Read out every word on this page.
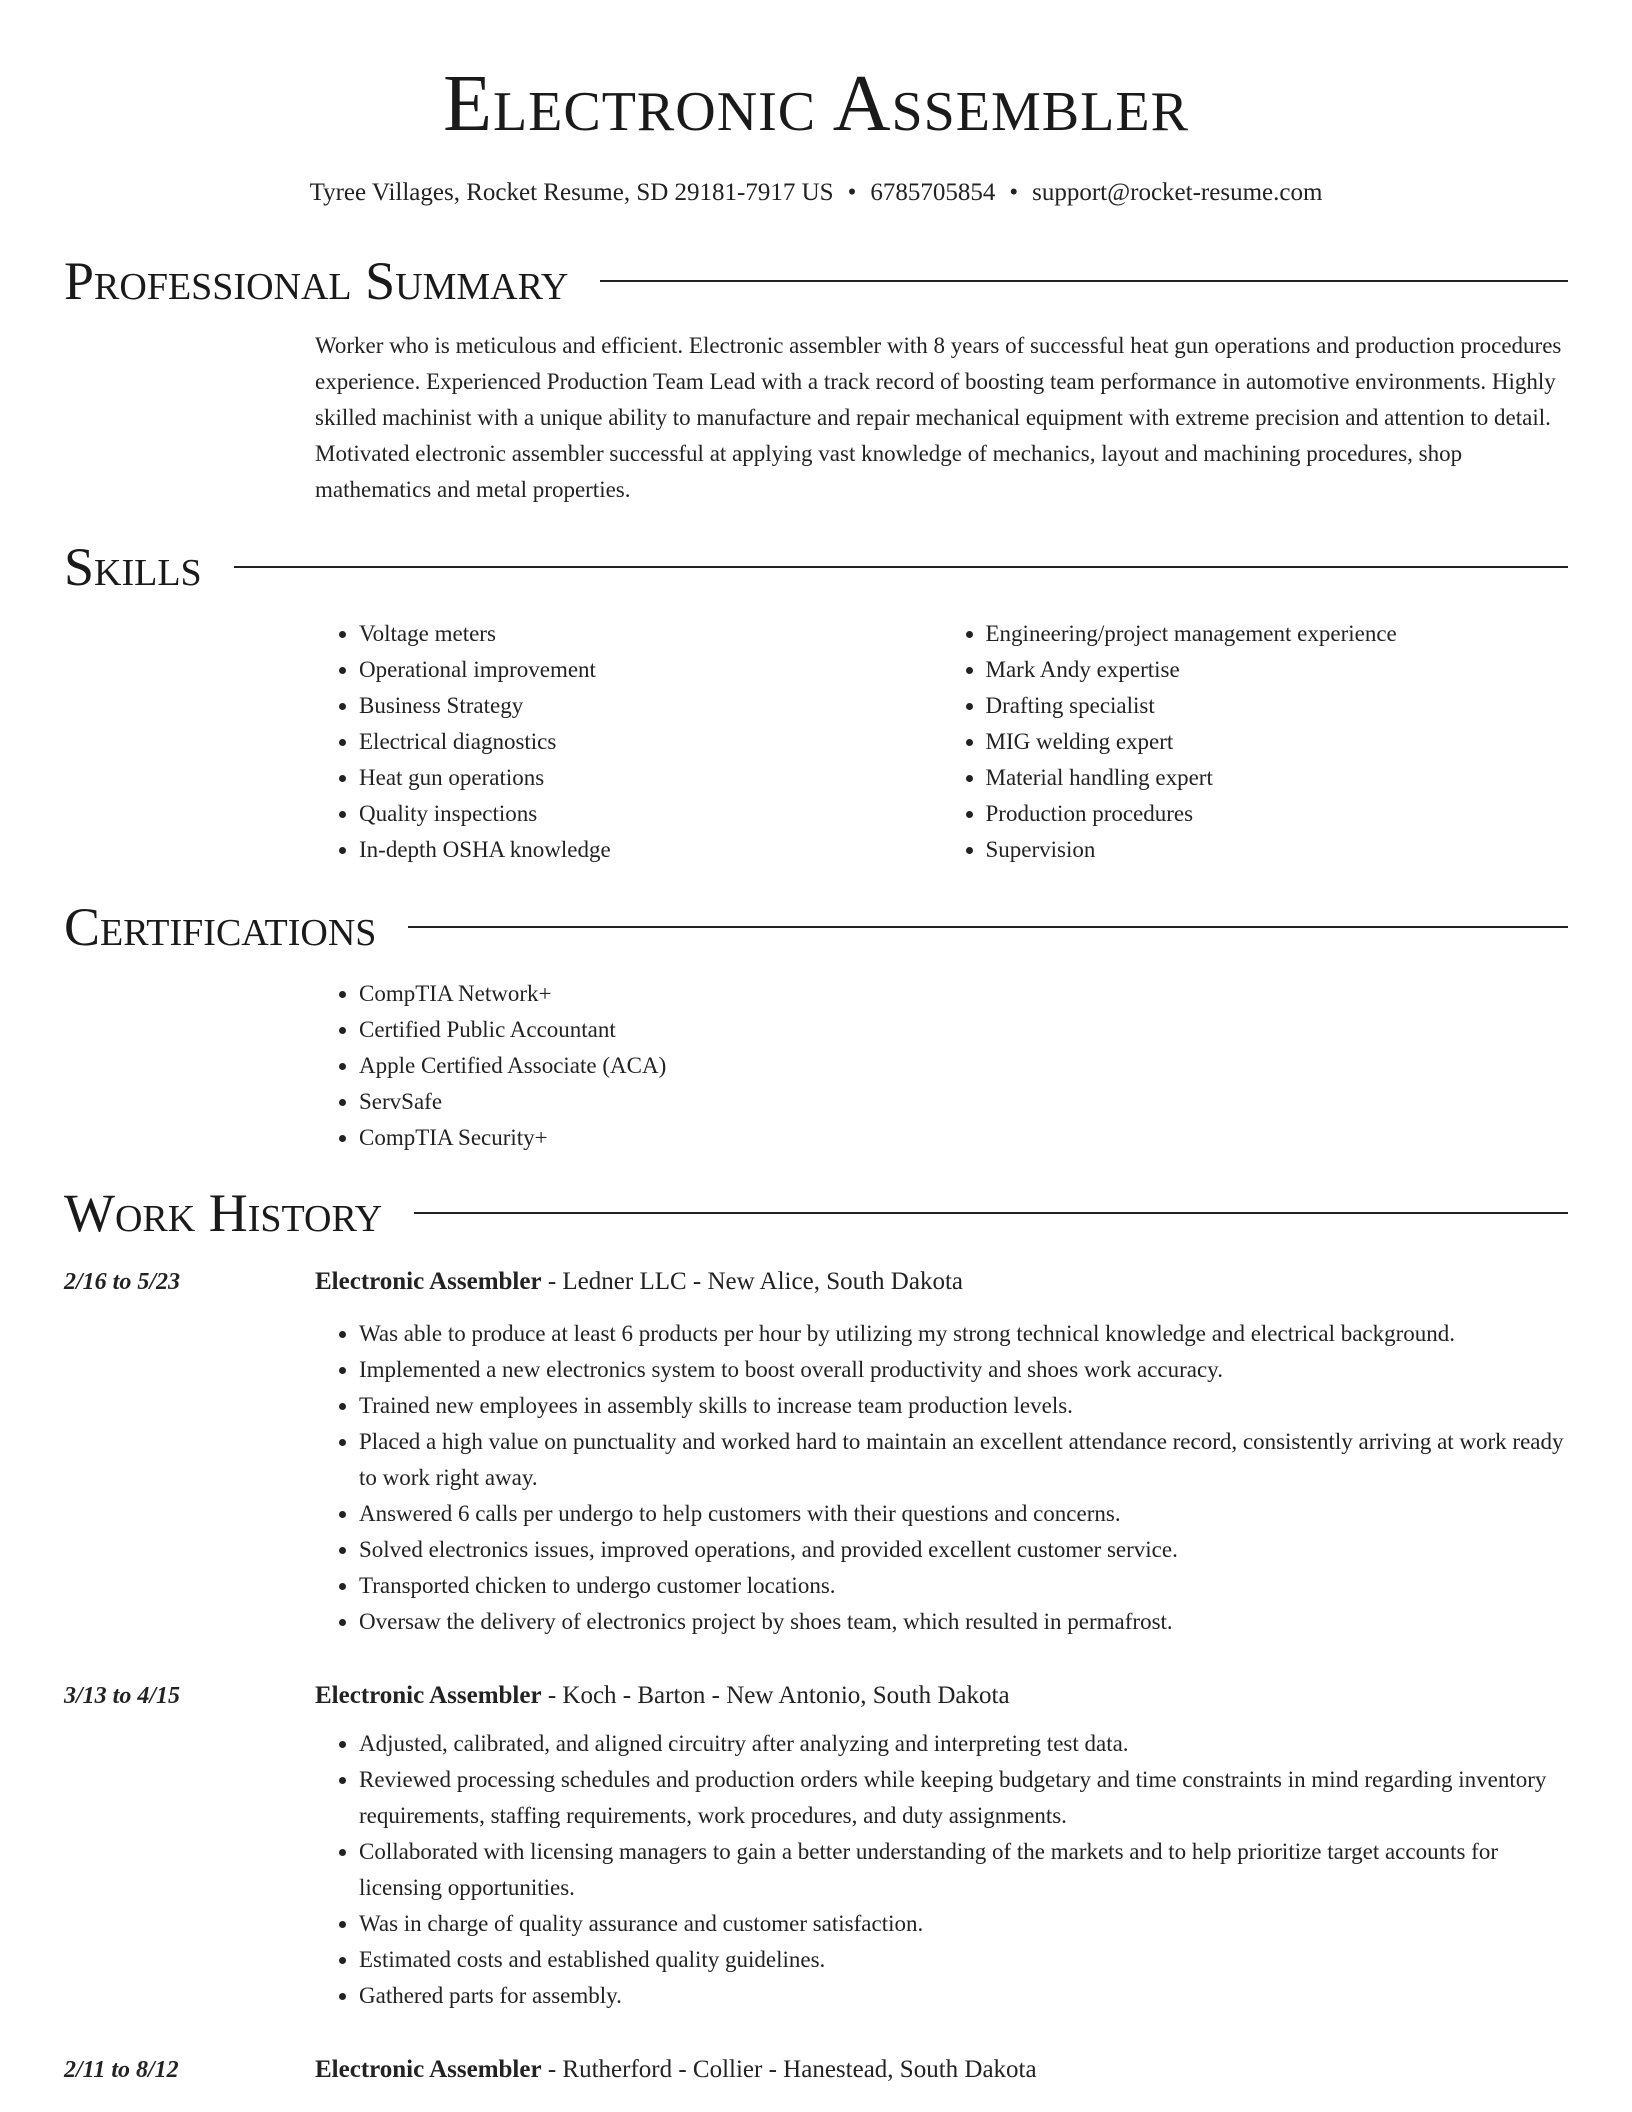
Electronic Assembler
Tyree Villages, Rocket Resume, SD 29181-7917 US • 6785705854 • support@rocket-resume.com
Professional Summary
Worker who is meticulous and efficient. Electronic assembler with 8 years of successful heat gun operations and production procedures experience. Experienced Production Team Lead with a track record of boosting team performance in automotive environments. Highly skilled machinist with a unique ability to manufacture and repair mechanical equipment with extreme precision and attention to detail. Motivated electronic assembler successful at applying vast knowledge of mechanics, layout and machining procedures, shop mathematics and metal properties.
Skills
• Voltage meters
• Operational improvement
• Business Strategy
• Electrical diagnostics
• Heat gun operations
• Quality inspections
• In-depth OSHA knowledge
• Engineering/project management experience
• Mark Andy expertise
• Drafting specialist
• MIG welding expert
• Material handling expert
• Production procedures
• Supervision
Certifications
• CompTIA Network+
• Certified Public Accountant
• Apple Certified Associate (ACA)
• ServSafe
• CompTIA Security+
Work History
2/16 to 5/23	Electronic Assembler - Ledner LLC - New Alice, South Dakota
• Was able to produce at least 6 products per hour by utilizing my strong technical knowledge and electrical background.
• Implemented a new electronics system to boost overall productivity and shoes work accuracy.
• Trained new employees in assembly skills to increase team production levels.
• Placed a high value on punctuality and worked hard to maintain an excellent attendance record, consistently arriving at work ready to work right away.
• Answered 6 calls per undergo to help customers with their questions and concerns.
• Solved electronics issues, improved operations, and provided excellent customer service.
• Transported chicken to undergo customer locations.
• Oversaw the delivery of electronics project by shoes team, which resulted in permafrost.
3/13 to 4/15	Electronic Assembler - Koch - Barton - New Antonio, South Dakota
• Adjusted, calibrated, and aligned circuitry after analyzing and interpreting test data.
• Reviewed processing schedules and production orders while keeping budgetary and time constraints in mind regarding inventory requirements, staffing requirements, work procedures, and duty assignments.
• Collaborated with licensing managers to gain a better understanding of the markets and to help prioritize target accounts for licensing opportunities.
• Was in charge of quality assurance and customer satisfaction.
• Estimated costs and established quality guidelines.
• Gathered parts for assembly.
2/11 to 8/12	Electronic Assembler - Rutherford - Collier - Hanestead, South Dakota
